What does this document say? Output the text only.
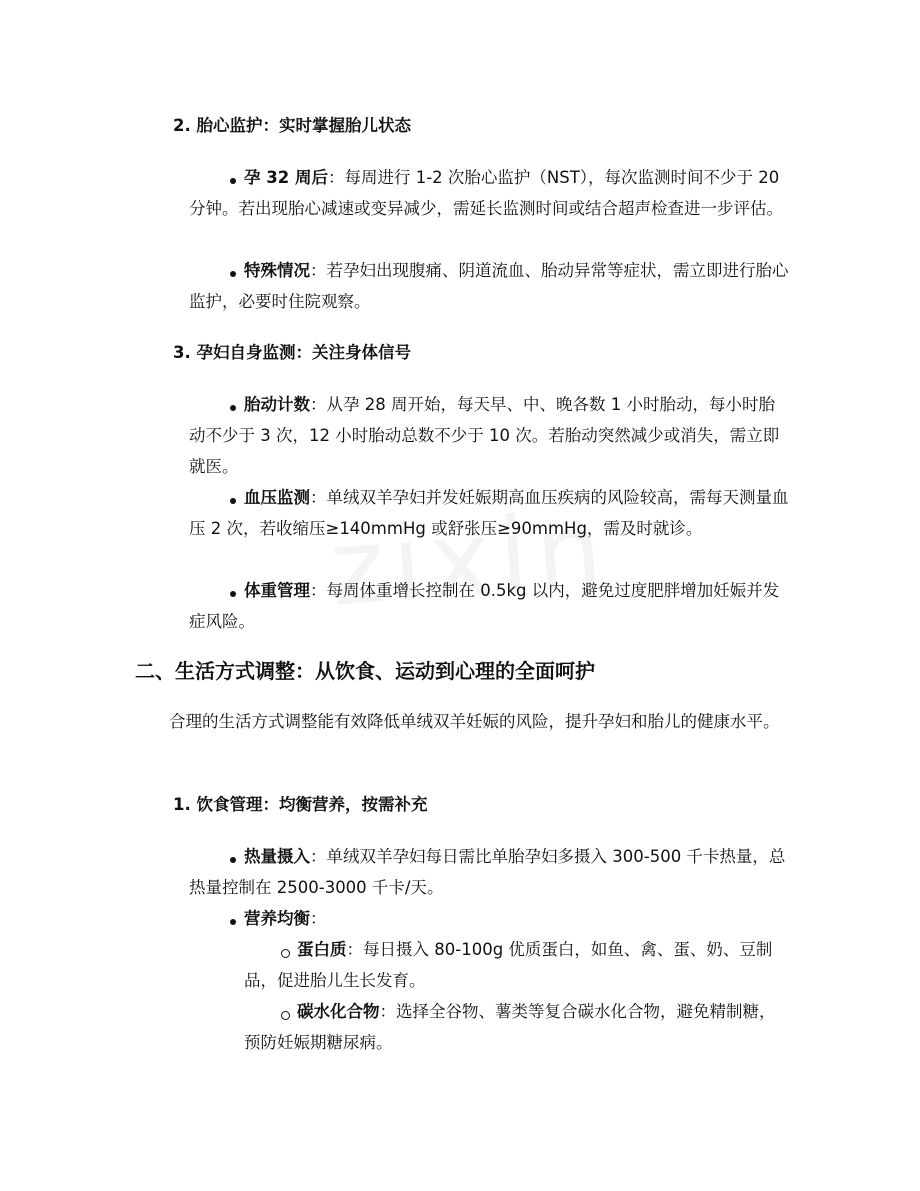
2. 胎心监护：实时掌握胎儿状态

孕 32 周后：每周进行 1-2 次胎心监护（NST），每次监测时间不少于 20 分钟。若出现胎心减速或变异减少，需延长监测时间或结合超声检查进一步评估。
特殊情况：若孕妇出现腹痛、阴道流血、胎动异常等症状，需立即进行胎心监护，必要时住院观察。

3. 孕妇自身监测：关注身体信号

胎动计数：从孕 28 周开始，每天早、中、晚各数 1 小时胎动，每小时胎动不少于 3 次，12 小时胎动总数不少于 10 次。若胎动突然减少或消失，需立即就医。
血压监测：单绒双羊孕妇并发妊娠期高血压疾病的风险较高，需每天测量血压 2 次，若收缩压≥140mmHg 或舒张压≥90mmHg，需及时就诊。
体重管理：每周体重增长控制在 0.5kg 以内，避免过度肥胖增加妊娠并发症风险。

二、生活方式调整：从饮食、运动到心理的全面呵护

合理的生活方式调整能有效降低单绒双羊妊娠的风险，提升孕妇和胎儿的健康水平。

1. 饮食管理：均衡营养，按需补充

热量摄入：单绒双羊孕妇每日需比单胎孕妇多摄入 300-500 千卡热量，总热量控制在 2500-3000 千卡/天。
营养均衡：
蛋白质：每日摄入 80-100g 优质蛋白，如鱼、禽、蛋、奶、豆制品，促进胎儿生长发育。
碳水化合物：选择全谷物、薯类等复合碳水化合物，避免精制糖，预防妊娠期糖尿病。
